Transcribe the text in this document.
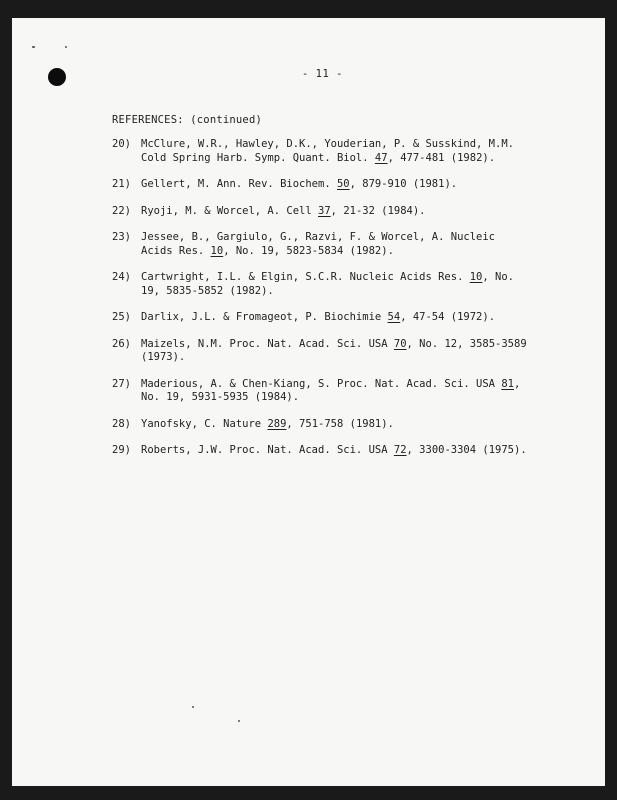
- 11 -
REFERENCES: (continued)
20) McClure, W.R., Hawley, D.K., Youderian, P. & Susskind, M.M. Cold Spring Harb. Symp. Quant. Biol. 47, 477-481 (1982).
21) Gellert, M. Ann. Rev. Biochem. 50, 879-910 (1981).
22) Ryoji, M. & Worcel, A. Cell 37, 21-32 (1984).
23) Jessee, B., Gargiulo, G., Razvi, F. & Worcel, A. Nucleic Acids Res. 10, No. 19, 5823-5834 (1982).
24) Cartwright, I.L. & Elgin, S.C.R. Nucleic Acids Res. 10, No. 19, 5835-5852 (1982).
25) Darlix, J.L. & Fromageot, P. Biochimie 54, 47-54 (1972).
26) Maizels, N.M. Proc. Nat. Acad. Sci. USA 70, No. 12, 3585-3589 (1973).
27) Maderious, A. & Chen-Kiang, S. Proc. Nat. Acad. Sci. USA 81, No. 19, 5931-5935 (1984).
28) Yanofsky, C. Nature 289, 751-758 (1981).
29) Roberts, J.W. Proc. Nat. Acad. Sci. USA 72, 3300-3304 (1975).
